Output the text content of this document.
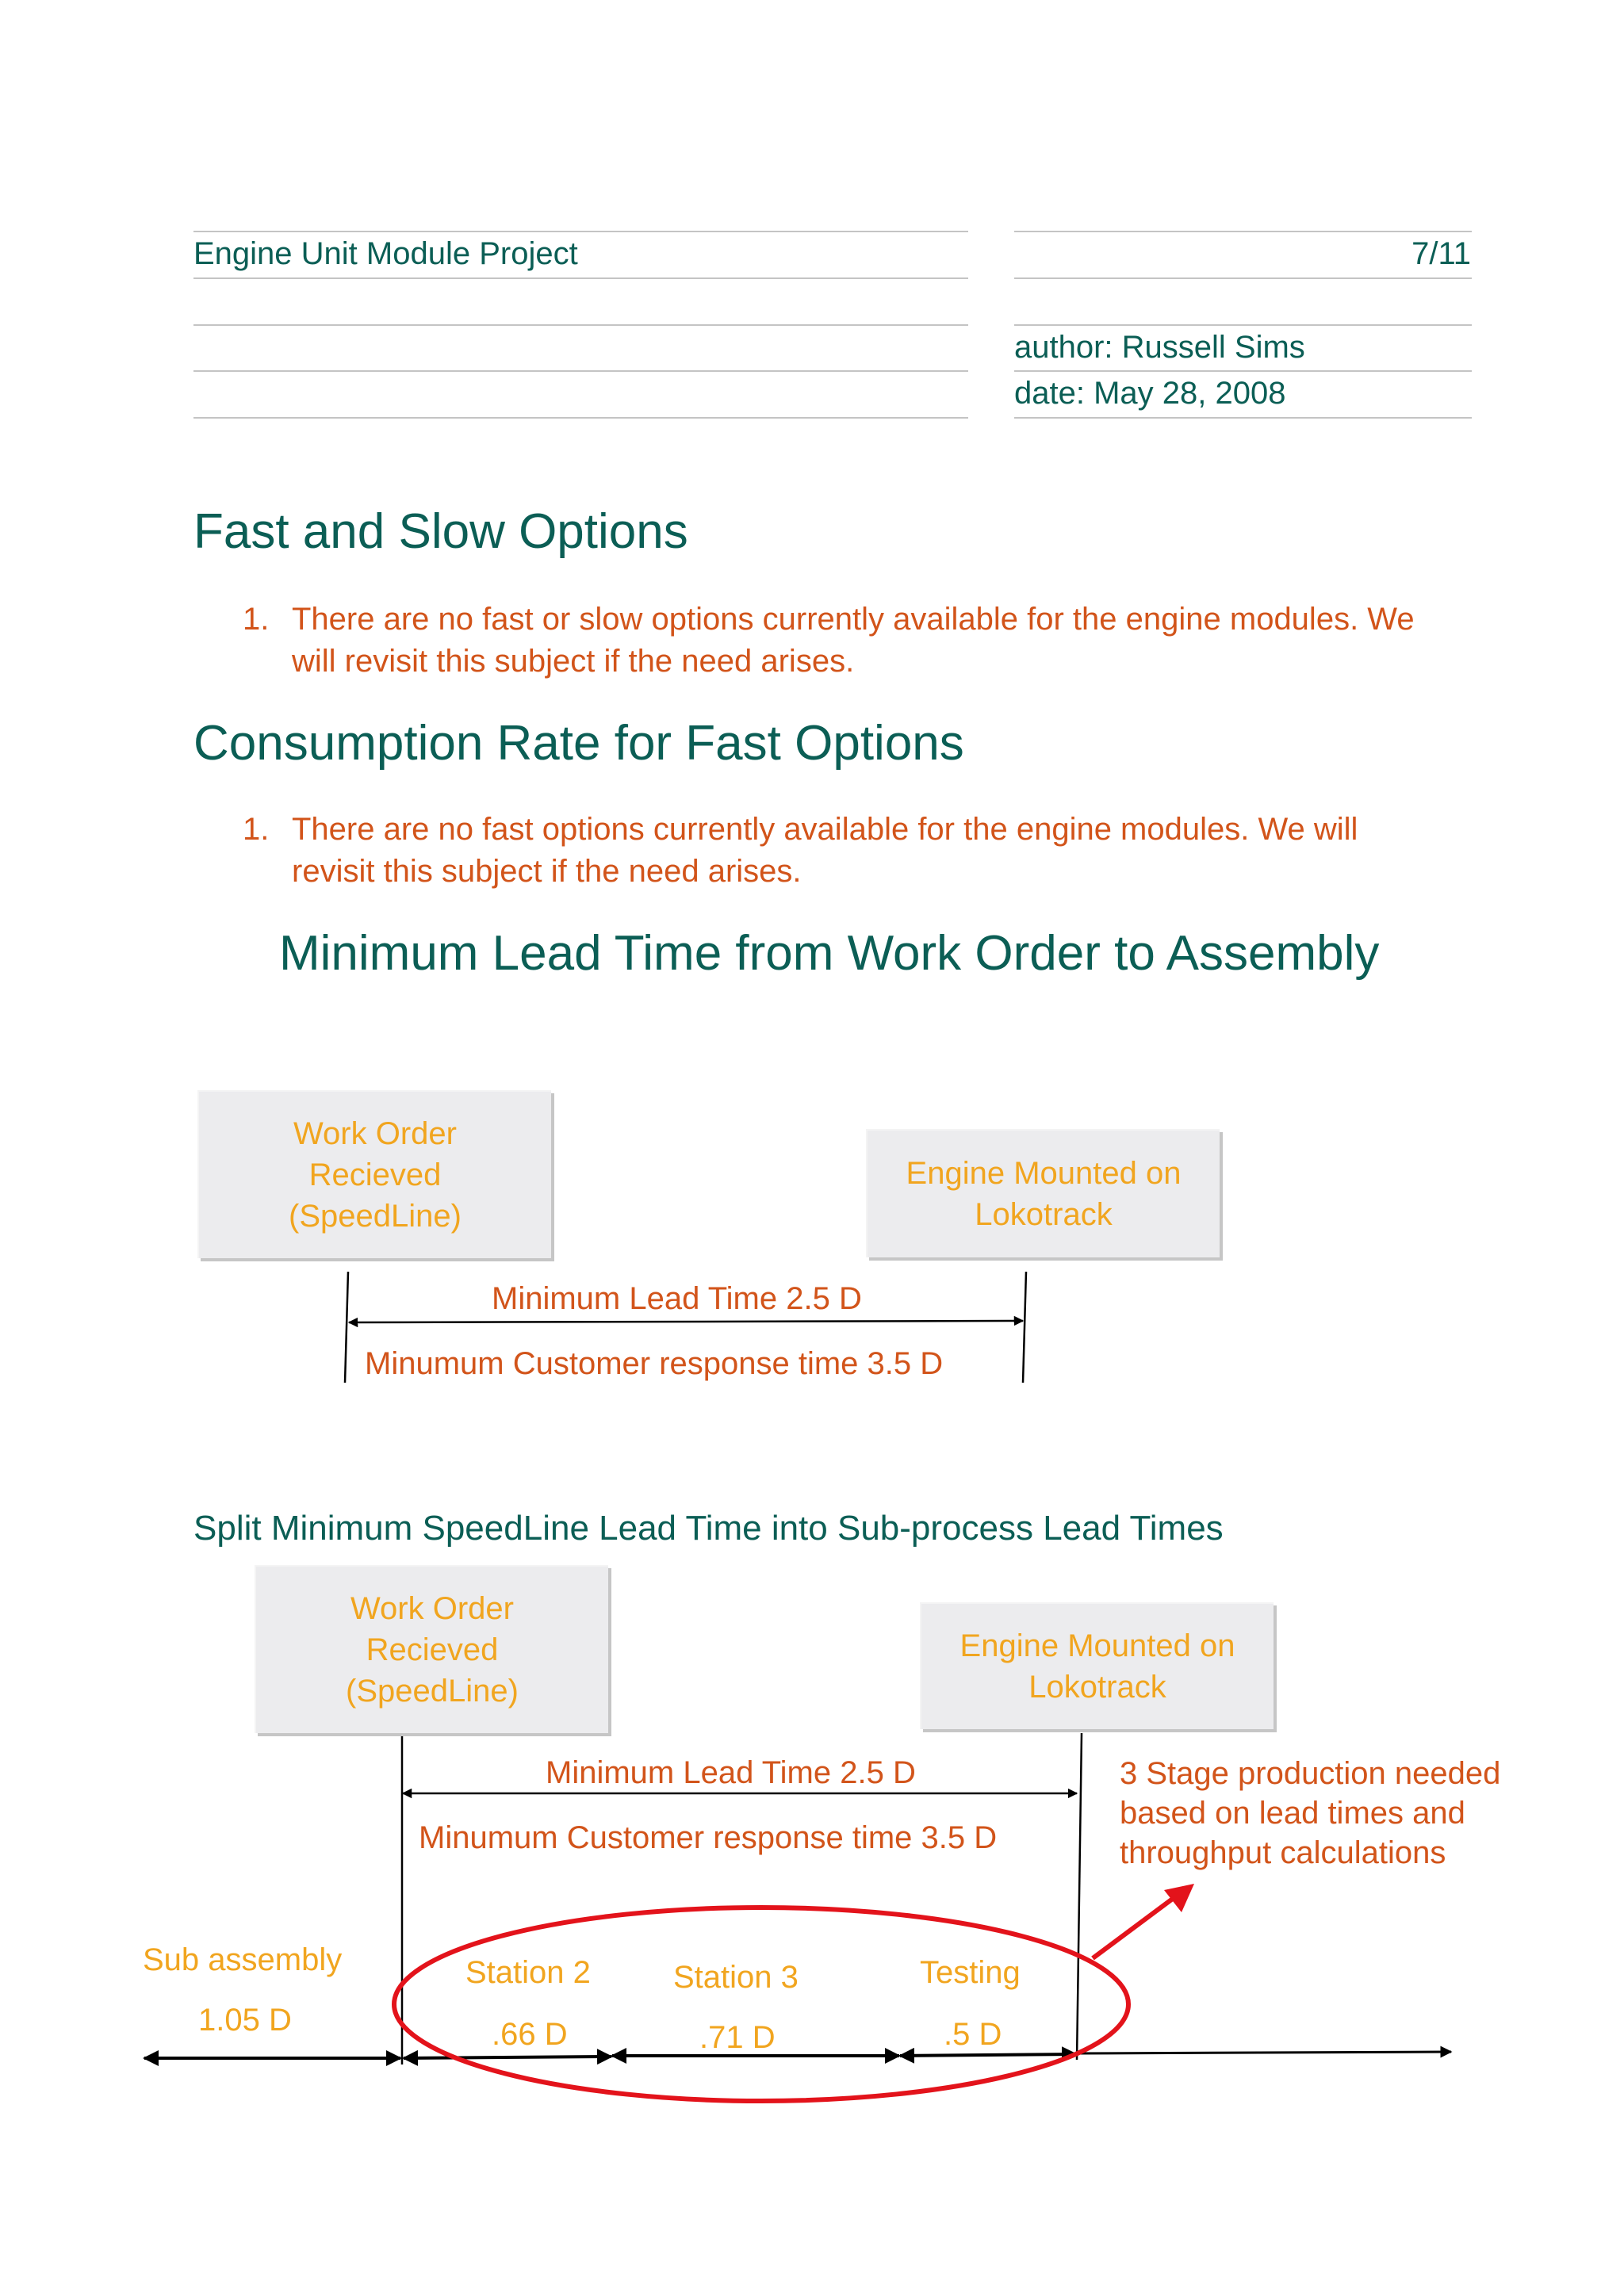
Engine Unit Module Project	7/11
author: Russell Sims
date: May 28, 2008
Fast and Slow Options
1. There are no fast or slow options currently available for the engine modules. We
will revisit this subject if the need arises.
Consumption Rate for Fast Options
1. There are no fast options currently available for the engine modules. We will
revisit this subject if the need arises.
Minimum Lead Time from Work Order to Assembly
Work Order
Recieved
(SpeedLine)
Engine Mounted on
Lokotrack
Minimum Lead Time 2.5 D
Minumum Customer response time 3.5 D
Split Minimum SpeedLine Lead Time into Sub-process Lead Times
Work Order
Recieved
(SpeedLine)
Engine Mounted on
Lokotrack
Minimum Lead Time 2.5 D
Minumum Customer response time 3.5 D
3 Stage production needed
based on lead times and
throughput calculations
Sub assembly
1.05 D
Station 2
.66 D
Station 3
.71 D
Testing
.5 D
